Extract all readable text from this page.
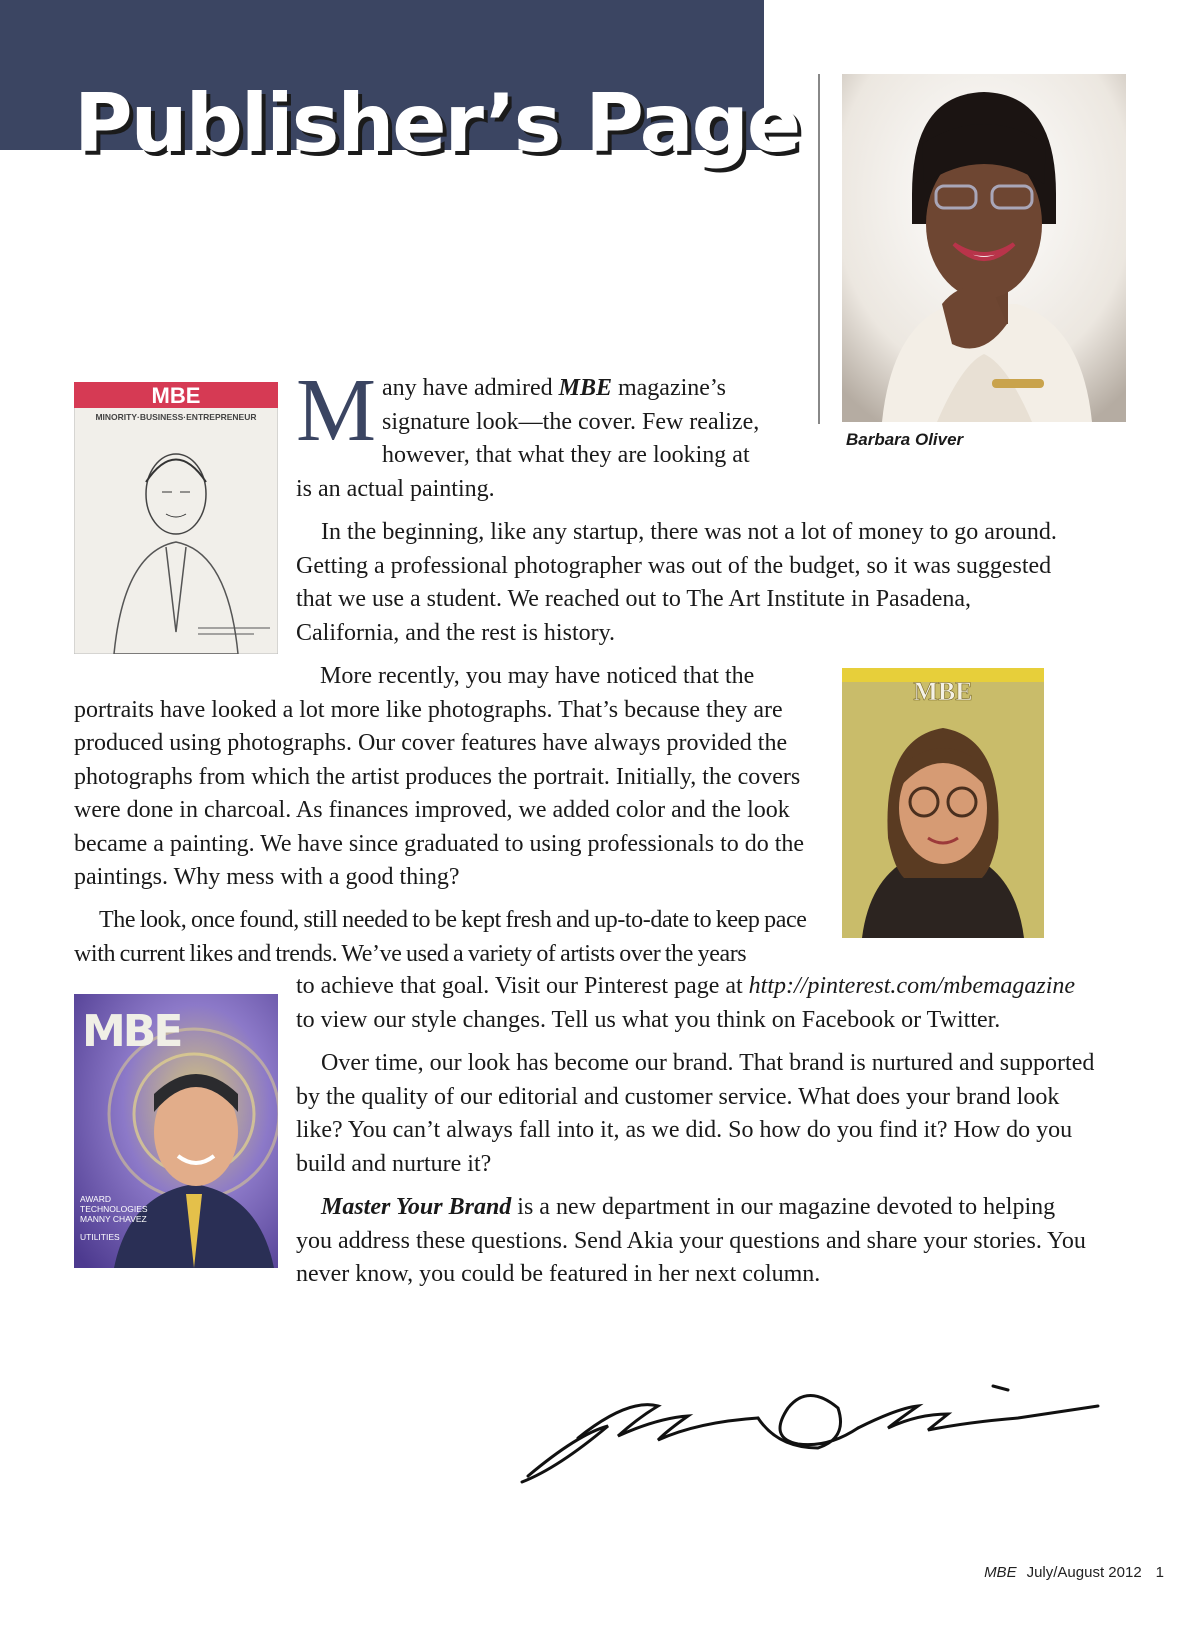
Publisher’s Page
Barbara Oliver
MBE
MINORITY·BUSINESS·ENTREPRENEUR
MBE
MBE
AWARD
TECHNOLOGIES
MANNY CHAVEZ
UTILITIES

Many have admired MBE magazine’s signature look—the cover. Few realize, however, that what they are looking at is an actual painting.

In the beginning, like any startup, there was not a lot of money to go around. Getting a professional photographer was out of the budget, so it was suggested that we use a student. We reached out to The Art Institute in Pasadena, California, and the rest is history.

More recently, you may have noticed that the portraits have looked a lot more like photographs. That’s because they are produced using photographs. Our cover features have always provided the photographs from which the artist produces the portrait. Initially, the covers were done in charcoal. As finances improved, we added color and the look became a painting. We have since graduated to using professionals to do the paintings. Why mess with a good thing?

The look, once found, still needed to be kept fresh and up-to-date to keep pace with current likes and trends. We’ve used a variety of artists over the years

to achieve that goal. Visit our Pinterest page at http://pinterest.com/mbemagazine to view our style changes. Tell us what you think on Facebook or Twitter.

Over time, our look has become our brand. That brand is nurtured and supported by the quality of our editorial and customer service. What does your brand look like? You can’t always fall into it, as we did. So how do you find it? How do you build and nurture it?

Master Your Brand is a new department in our magazine devoted to helping you address these questions. Send Akia your questions and share your stories. You never know, you could be featured in her next column.

MBE July/August 2012 1
